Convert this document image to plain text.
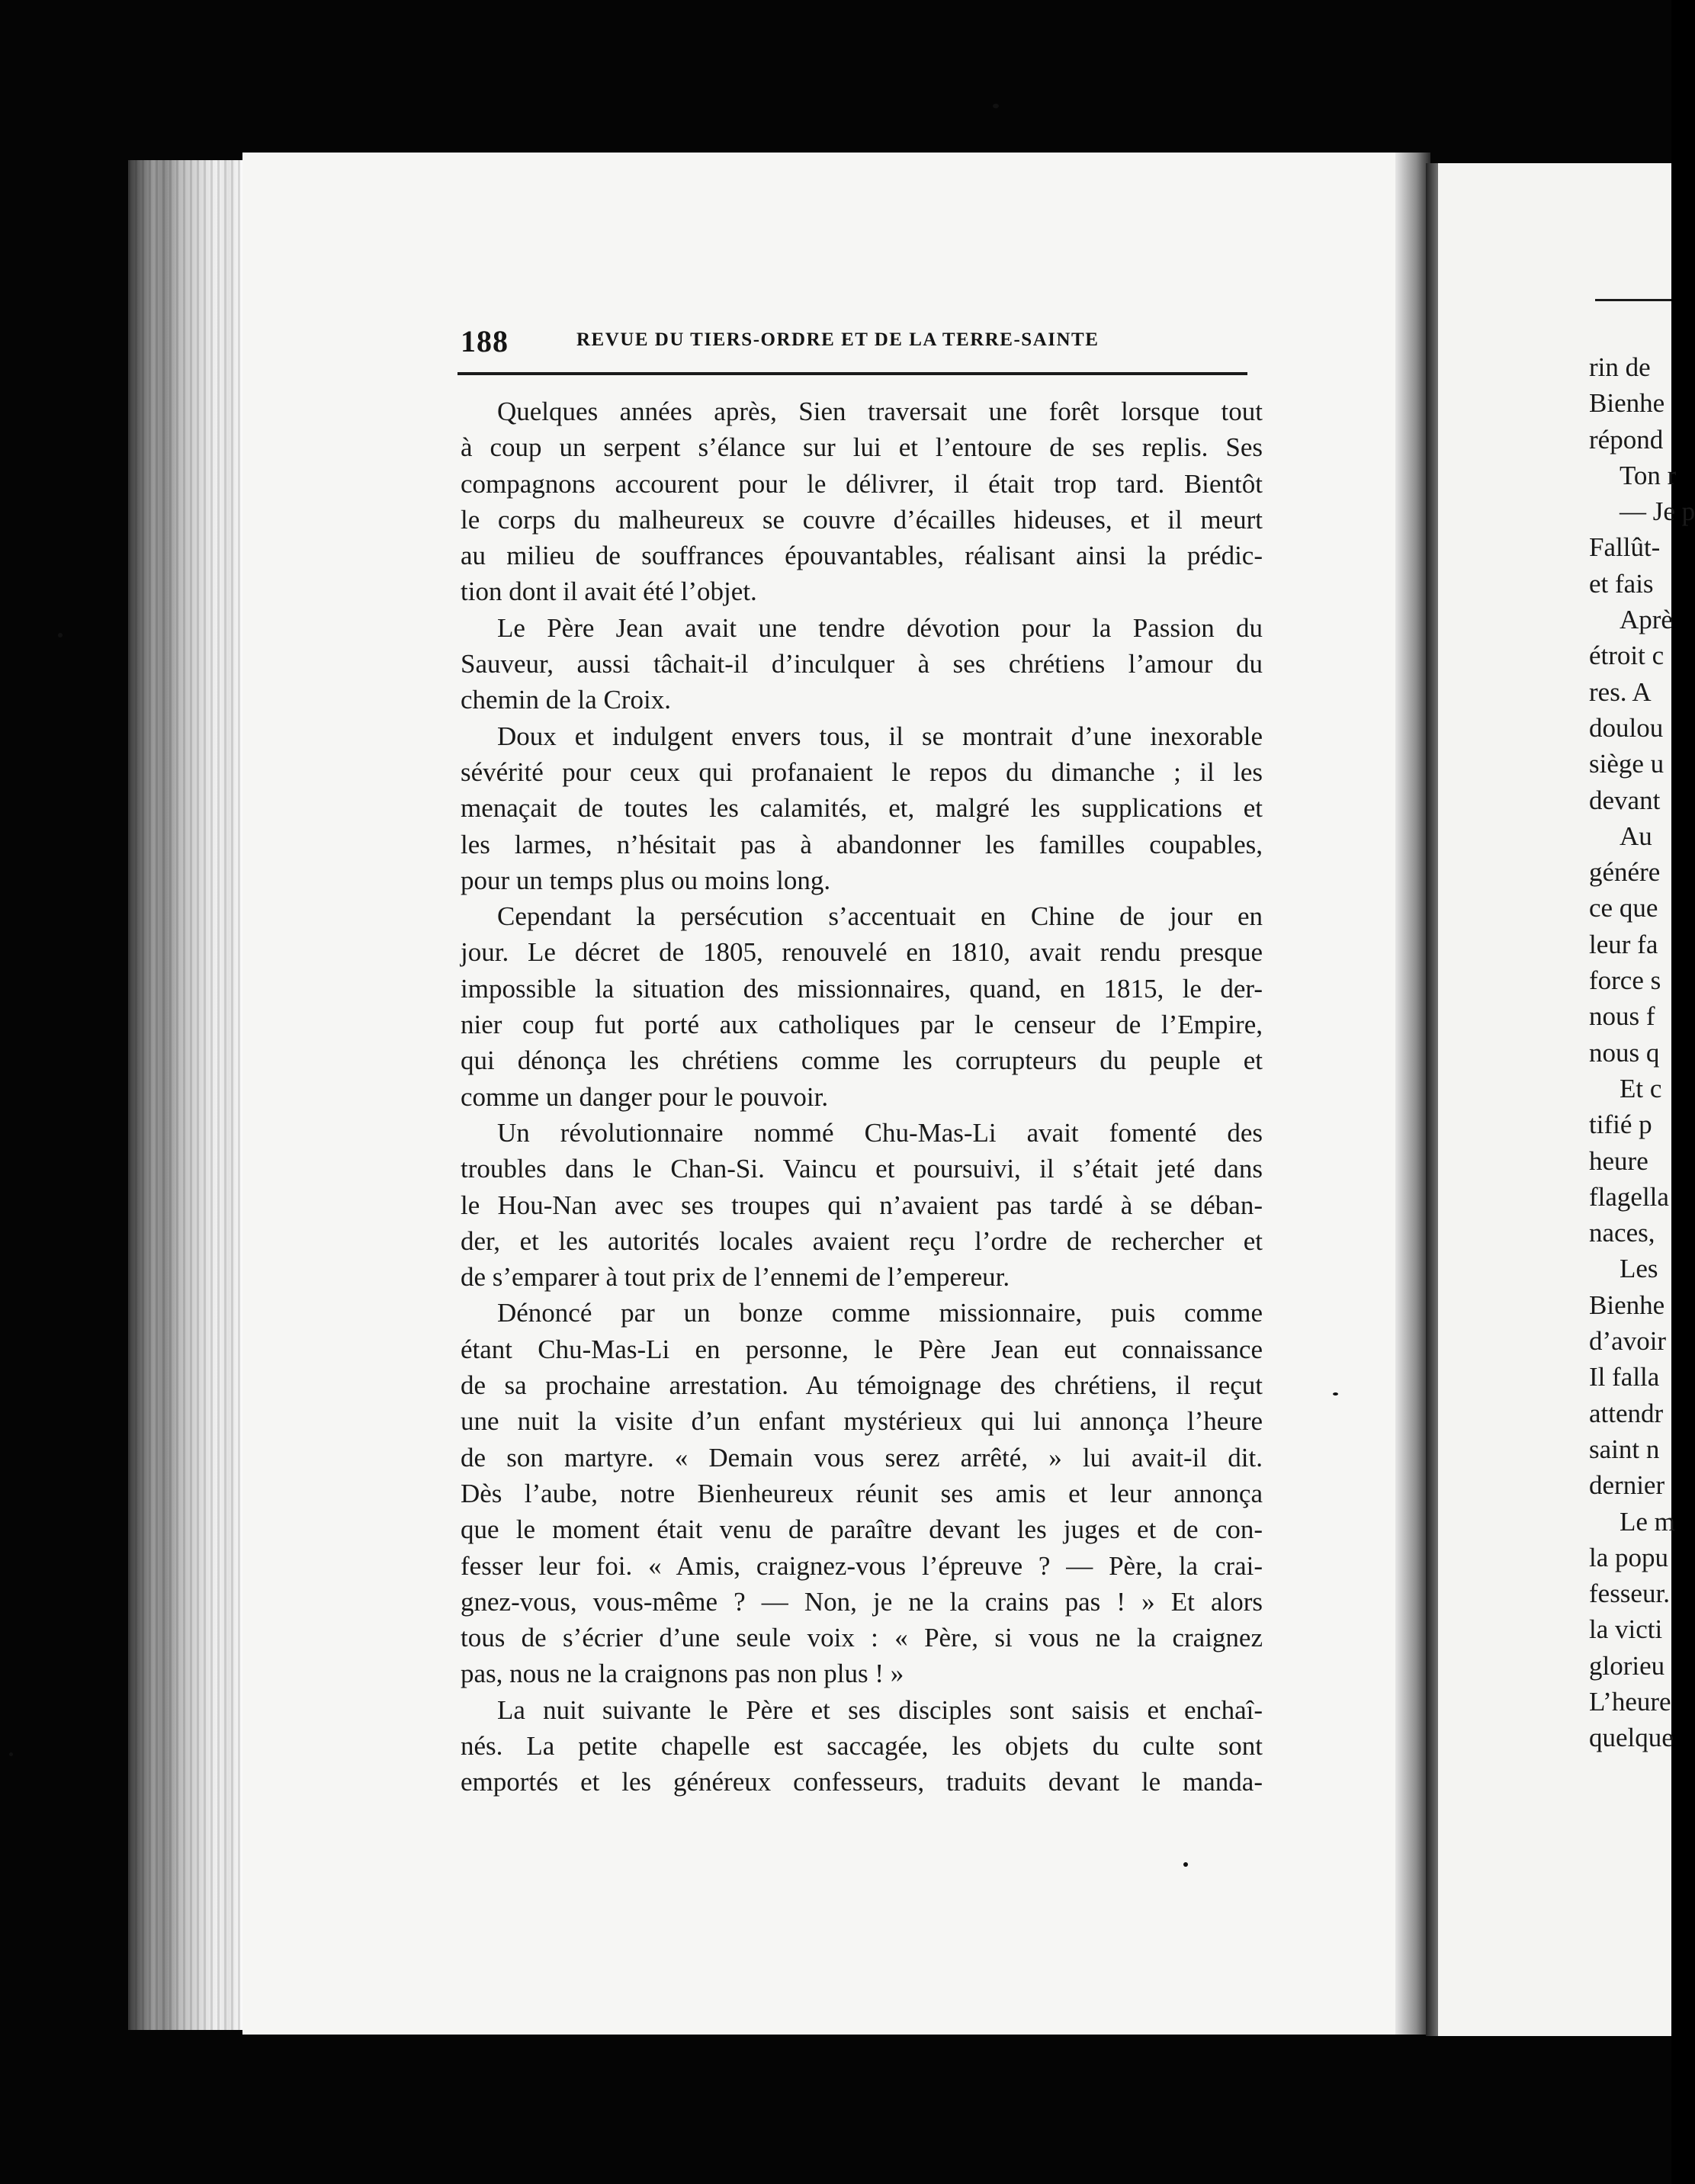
188	REVUE DU TIERS-ORDRE ET DE LA TERRE-SAINTE
Quelques années après, Sien traversait une forêt lorsque tout
à coup un serpent s’élance sur lui et l’entoure de ses replis. Ses
compagnons accourent pour le délivrer, il était trop tard. Bientôt
le corps du malheureux se couvre d’écailles hideuses, et il meurt
au milieu de souffrances épouvantables, réalisant ainsi la prédic-
tion dont il avait été l’objet.
Le Père Jean avait une tendre dévotion pour la Passion du
Sauveur, aussi tâchait-il d’inculquer à ses chrétiens l’amour du
chemin de la Croix.
Doux et indulgent envers tous, il se montrait d’une inexorable
sévérité pour ceux qui profanaient le repos du dimanche ; il les
menaçait de toutes les calamités, et, malgré les supplications et
les larmes, n’hésitait pas à abandonner les familles coupables,
pour un temps plus ou moins long.
Cependant la persécution s’accentuait en Chine de jour en
jour. Le décret de 1805, renouvelé en 1810, avait rendu presque
impossible la situation des missionnaires, quand, en 1815, le der-
nier coup fut porté aux catholiques par le censeur de l’Empire,
qui dénonça les chrétiens comme les corrupteurs du peuple et
comme un danger pour le pouvoir.
Un révolutionnaire nommé Chu-Mas-Li avait fomenté des
troubles dans le Chan-Si. Vaincu et poursuivi, il s’était jeté dans
le Hou-Nan avec ses troupes qui n’avaient pas tardé à se déban-
der, et les autorités locales avaient reçu l’ordre de rechercher et
de s’emparer à tout prix de l’ennemi de l’empereur.
Dénoncé par un bonze comme missionnaire, puis comme
étant Chu-Mas-Li en personne, le Père Jean eut connaissance
de sa prochaine arrestation. Au témoignage des chrétiens, il reçut
une nuit la visite d’un enfant mystérieux qui lui annonça l’heure
de son martyre. « Demain vous serez arrêté, » lui avait-il dit.
Dès l’aube, notre Bienheureux réunit ses amis et leur annonça
que le moment était venu de paraître devant les juges et de con-
fesser leur foi. « Amis, craignez-vous l’épreuve ? — Père, la crai-
gnez-vous, vous-même ? — Non, je ne la crains pas ! » Et alors
tous de s’écrier d’une seule voix : « Père, si vous ne la craignez
pas, nous ne la craignons pas non plus ! »
La nuit suivante le Père et ses disciples sont saisis et enchaî-
nés. La petite chapelle est saccagée, les objets du culte sont
emportés et les généreux confesseurs, traduits devant le manda-
rin de
Bienhe
répond
Ton r
— Je p
Fallût-
et fais
Aprè
étroit c
res. A
doulou
siège u
devant
Au
génére
ce que
leur fa
force s
nous f
nous q
Et c
tifié p
heure
flagella
naces,
Les
Bienhe
d’avoir
Il falla
attendr
saint n
dernier
Le m
la popu
fesseur.
la victi
glorieu
L’heure
quelque
